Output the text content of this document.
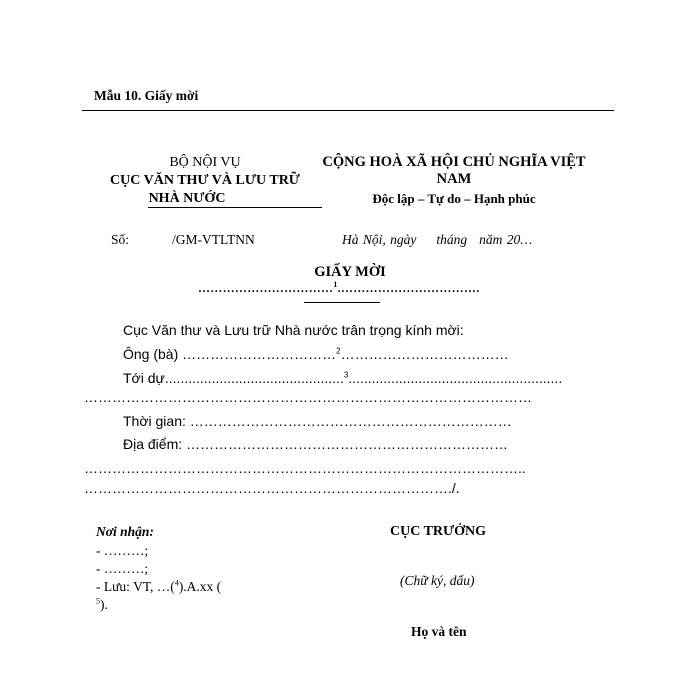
Mẫu 10. Giấy mời
BỘ NỘI VỤ
CỤC VĂN THƯ VÀ LƯU TRỮ
NHÀ NƯỚC
CỘNG HOÀ XÃ HỘI CHỦ NGHĨA VIỆT
NAM
Độc lập – Tự do – Hạnh phúc
Số:	/GM-VTLTNN	Hà Nội, ngày tháng năm 20…
GIẤY MỜI
……………………………$^1$.…………………………….
Cục Văn thư và Lưu trữ Nhà nước trân trọng kính mời:
Ông (bà) ……………………………$^2$………………………………
Tới dự..............................................$^3$.......................................................
……………………………………………………………………………………
Thời gian: ……………………………………………………………
Địa điểm: ……………………………………………………………
…………………………………………………………………………………..
……………………………………………………………………./.
Nơi nhận:
- ………;
- ………;
- Lưu: VT, …($^4$).A.xx (
$^5$).
CỤC TRƯỞNG
(Chữ ký, dấu)
Họ và tên
